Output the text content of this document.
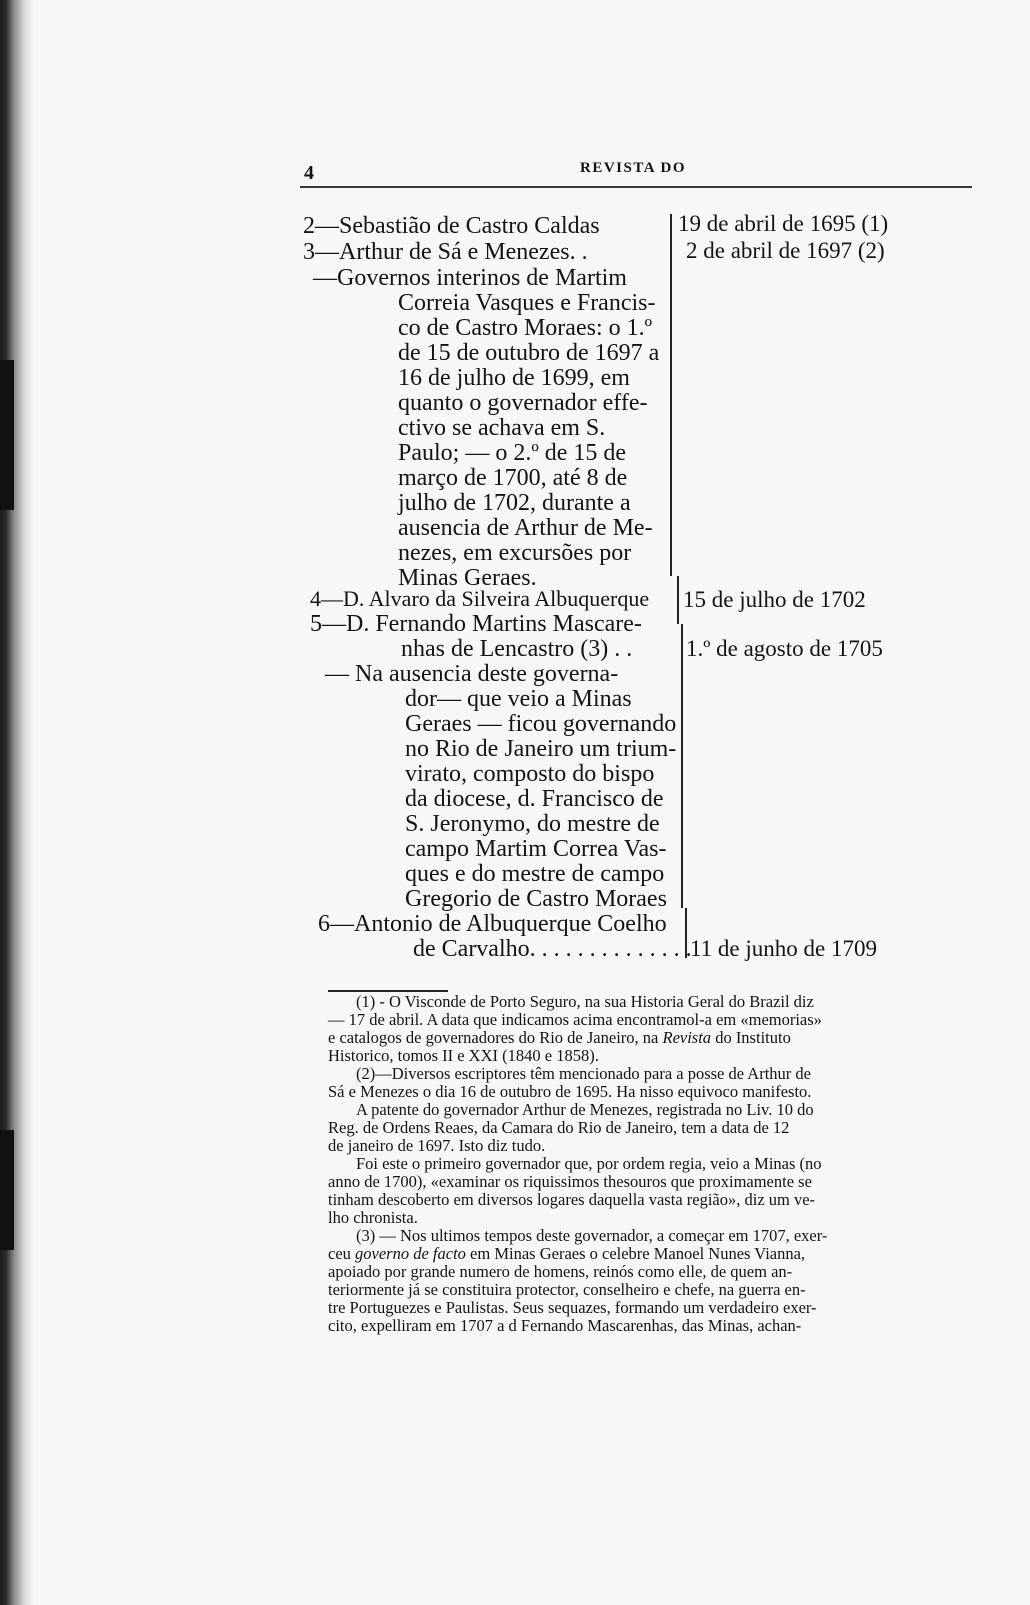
4	REVISTA DO
2—Sebastião de Castro Caldas
3—Arthur de Sá e Menezes. .
—Governos interinos de Martim
Correia Vasques e Francis-
co de Castro Moraes: o 1.º
de 15 de outubro de 1697 a
16 de julho de 1699, em
quanto o governador effe-
ctivo se achava em S.
Paulo; — o 2.º de 15 de
março de 1700, até 8 de
julho de 1702, durante a
ausencia de Arthur de Me-
nezes, em excursões por
Minas Geraes.
4—D. Alvaro da Silveira Albuquerque
5—D. Fernando Martins Mascare-
nhas de Lencastro (3) . .
— Na ausencia deste governa-
dor— que veio a Minas
Geraes — ficou governando
no Rio de Janeiro um trium-
virato, composto do bispo
da diocese, d. Francisco de
S. Jeronymo, do mestre de
campo Martim Correa Vas-
ques e do mestre de campo
Gregorio de Castro Moraes
6—Antonio de Albuquerque Coelho
de Carvalho. . . . . . . . . . . . . .
19 de abril de 1695 (1)
2 de abril de 1697 (2)
15 de julho de 1702
1.º de agosto de 1705
11 de junho de 1709
(1) - O Visconde de Porto Seguro, na sua Historia Geral do Brazil diz
— 17 de abril. A data que indicamos acima encontramol-a em «memorias»
e catalogos de governadores do Rio de Janeiro, na Revista do Instituto
Historico, tomos II e XXI (1840 e 1858).
(2)—Diversos escriptores têm mencionado para a posse de Arthur de
Sá e Menezes o dia 16 de outubro de 1695. Ha nisso equivoco manifesto.
A patente do governador Arthur de Menezes, registrada no Liv. 10 do
Reg. de Ordens Reaes, da Camara do Rio de Janeiro, tem a data de 12
de janeiro de 1697. Isto diz tudo.
Foi este o primeiro governador que, por ordem regia, veio a Minas (no
anno de 1700), «examinar os riquissimos thesouros que proximamente se
tinham descoberto em diversos logares daquella vasta região», diz um ve-
lho chronista.
(3) — Nos ultimos tempos deste governador, a começar em 1707, exer-
ceu governo de facto em Minas Geraes o celebre Manoel Nunes Vianna,
apoiado por grande numero de homens, reinós como elle, de quem an-
teriormente já se constituira protector, conselheiro e chefe, na guerra en-
tre Portuguezes e Paulistas. Seus sequazes, formando um verdadeiro exer-
cito, expelliram em 1707 a d Fernando Mascarenhas, das Minas, achan-
